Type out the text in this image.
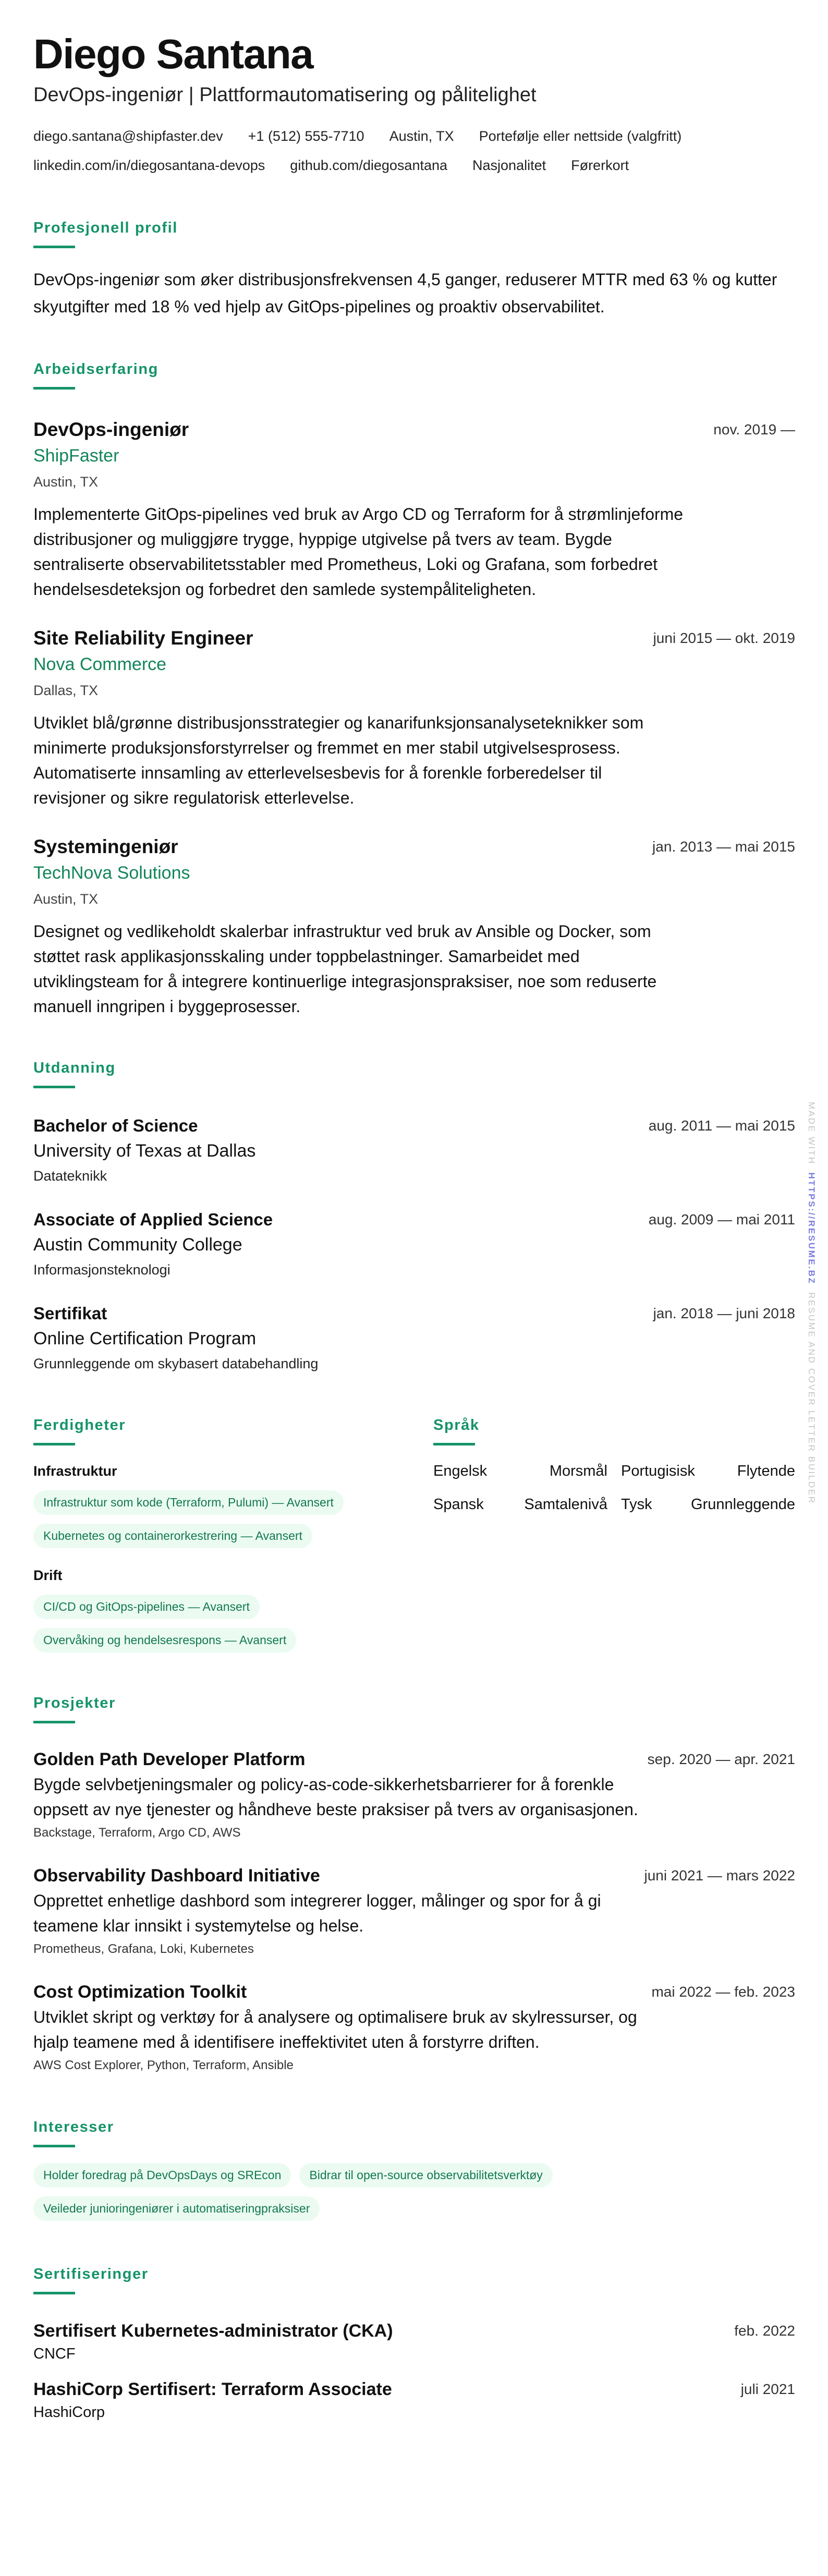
Diego Santana
DevOps-ingeniør | Plattformautomatisering og pålitelighet
diego.santana@shipfaster.dev +1 (512) 555-7710 Austin, TX Portefølje eller nettside (valgfritt)
linkedin.com/in/diegosantana-devops github.com/diegosantana Nasjonalitet Førerkort
Profesjonell profil

DevOps-ingeniør som øker distribusjonsfrekvensen 4,5 ganger, reduserer MTTR med 63 % og kutter skyutgifter med 18 % ved hjelp av GitOps-pipelines og proaktiv observabilitet.

Arbeidserfaring
DevOps-ingeniør	nov. 2019 —
ShipFaster
Austin, TX

Implementerte GitOps-pipelines ved bruk av Argo CD og Terraform for å strømlinjeforme distribusjoner og muliggjøre trygge, hyppige utgivelse på tvers av team. Bygde sentraliserte observabilitetsstabler med Prometheus, Loki og Grafana, som forbedret hendelsesdeteksjon og forbedret den samlede systempåliteligheten.

Site Reliability Engineer	juni 2015 — okt. 2019
Nova Commerce
Dallas, TX

Utviklet blå/grønne distribusjonsstrategier og kanarifunksjonsanalyseteknikker som minimerte produksjonsforstyrrelser og fremmet en mer stabil utgivelsesprosess. Automatiserte innsamling av etterlevelsesbevis for å forenkle forberedelser til revisjoner og sikre regulatorisk etterlevelse.

Systemingeniør	jan. 2013 — mai 2015
TechNova Solutions
Austin, TX

Designet og vedlikeholdt skalerbar infrastruktur ved bruk av Ansible og Docker, som støttet rask applikasjonsskaling under toppbelastninger. Samarbeidet med utviklingsteam for å integrere kontinuerlige integrasjonspraksiser, noe som reduserte manuell inngripen i byggeprosesser.

Utdanning
Bachelor of Science	aug. 2011 — mai 2015
University of Texas at Dallas
Datateknikk
Associate of Applied Science	aug. 2009 — mai 2011
Austin Community College
Informasjonsteknologi
Sertifikat	jan. 2018 — juni 2018
Online Certification Program
Grunnleggende om skybasert databehandling
Ferdigheter
Infrastruktur
Infrastruktur som kode (Terraform, Pulumi) — Avansert
Kubernetes og containerorkestrering — Avansert
Drift
CI/CD og GitOps-pipelines — Avansert
Overvåking og hendelsesrespons — Avansert
Språk
Engelsk	Morsmål Portugisisk	Flytende
Spansk	Samtalenivå Tysk	Grunnleggende
Prosjekter
Golden Path Developer Platform	sep. 2020 — apr. 2021

Bygde selvbetjeningsmaler og policy-as-code-sikkerhetsbarrierer for å forenkle oppsett av nye tjenester og håndheve beste praksiser på tvers av organisasjonen.

Backstage, Terraform, Argo CD, AWS
Observability Dashboard Initiative	juni 2021 — mars 2022

Opprettet enhetlige dashbord som integrerer logger, målinger og spor for å gi teamene klar innsikt i systemytelse og helse.

Prometheus, Grafana, Loki, Kubernetes
Cost Optimization Toolkit	mai 2022 — feb. 2023

Utviklet skript og verktøy for å analysere og optimalisere bruk av skylressurser, og hjalp teamene med å identifisere ineffektivitet uten å forstyrre driften.

AWS Cost Explorer, Python, Terraform, Ansible
Interesser
Holder foredrag på DevOpsDays og SREcon	Bidrar til open-source observabilitetsverktøy
Veileder junioringeniører i automatiseringpraksiser
Sertifiseringer
Sertifisert Kubernetes-administrator (CKA)	feb. 2022
CNCF
HashiCorp Sertifisert: Terraform Associate	juli 2021
HashiCorp
MADE WITH  HTTPS://RESUME.BZ  RESUME AND COVER LETTER BUILDER
